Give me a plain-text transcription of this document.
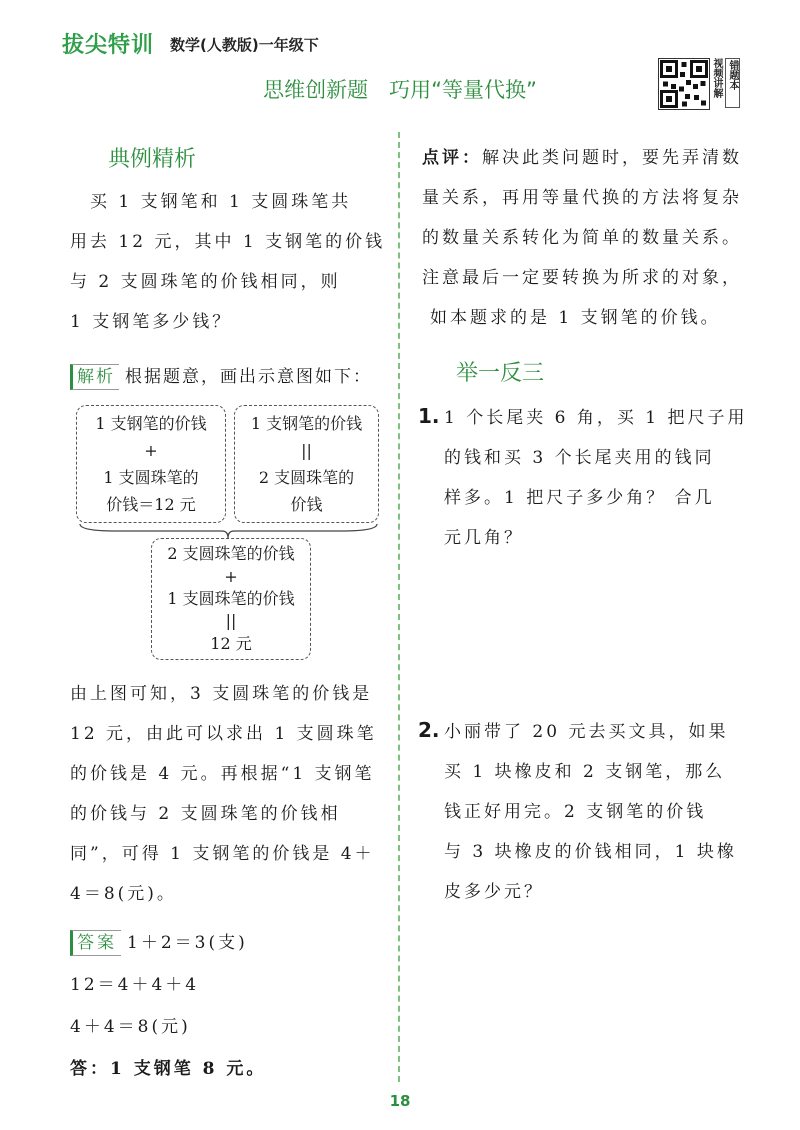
拔尖特训 数学(人教版)一年级下
思维创新题　巧用“等量代换”	视频讲解 错题本
典例精析
　买 1 支钢笔和 1 支圆珠笔共
用去 12 元，其中 1 支钢笔的价钱
与 2 支圆珠笔的价钱相同，则
1 支钢笔多少钱？
解析 根据题意，画出示意图如下：
1 支钢笔的价钱
+
1 支圆珠笔的
价钱＝12 元
1 支钢笔的价钱
||
2 支圆珠笔的
价钱
2 支圆珠笔的价钱
+
1 支圆珠笔的价钱
||
12 元
由上图可知，3 支圆珠笔的价钱是
12 元，由此可以求出 1 支圆珠笔
的价钱是 4 元。再根据“1 支钢笔
的价钱与 2 支圆珠笔的价钱相
同”，可得 1 支钢笔的价钱是 4＋
4＝8(元)。
答案 1＋2＝3(支)
12＝4＋4＋4
4＋4＝8(元)
答：1 支钢笔 8 元。
点评：解决此类问题时，要先弄清数
量关系，再用等量代换的方法将复杂
的数量关系转化为简单的数量关系。
注意最后一定要转换为所求的对象，
如本题求的是 1 支钢笔的价钱。
举一反三
1. 1 个长尾夹 6 角，买 1 把尺子用
的钱和买 3 个长尾夹用的钱同
样多。1 把尺子多少角？ 合几
元几角？
2. 小丽带了 20 元去买文具，如果
买 1 块橡皮和 2 支钢笔，那么
钱正好用完。2 支钢笔的价钱
与 3 块橡皮的价钱相同，1 块橡
皮多少元？
18
